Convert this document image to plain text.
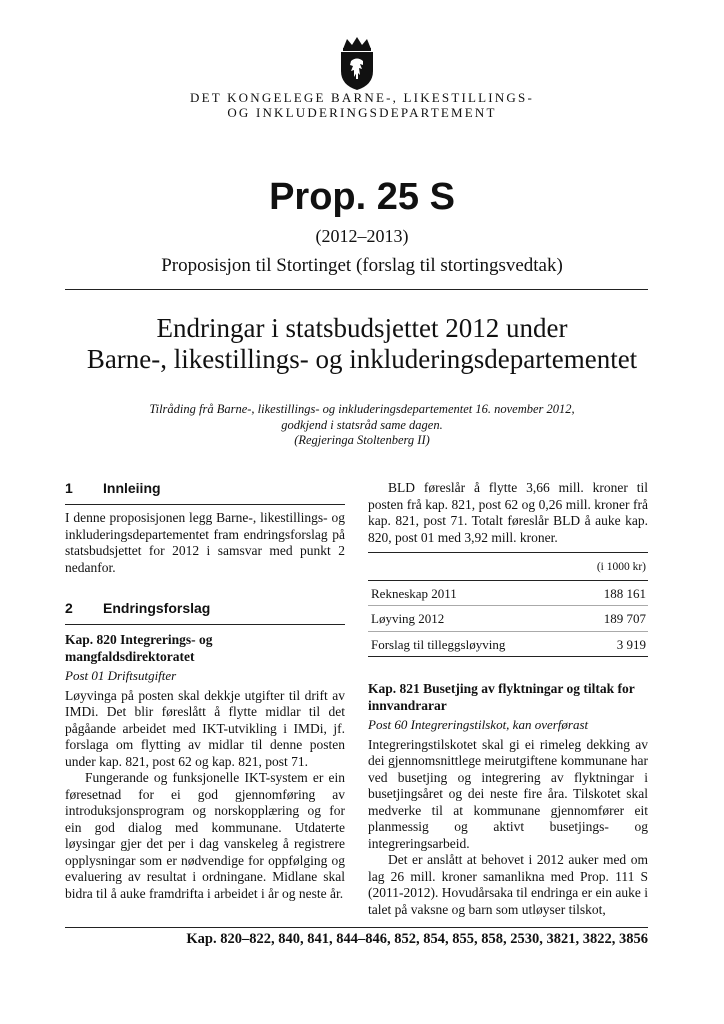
DET KONGELEGE BARNE-, LIKESTILLINGS-
OG INKLUDERINGSDEPARTEMENT
Prop. 25 S
(2012–2013)
Proposisjon til Stortinget (forslag til stortingsvedtak)
Endringar i statsbudsjettet 2012 under
Barne-, likestillings- og inkluderingsdepartementet
Tilråding frå Barne-, likestillings- og inkluderingsdepartementet 16. november 2012,
godkjend i statsråd same dagen.
(Regjeringa Stoltenberg II)
1 Innleiing

I denne proposisjonen legg Barne-, likestillings- og inkluderingsdepartementet fram endringsforslag på statsbudsjettet for 2012 i samsvar med punkt 2 nedanfor.

2 Endringsforslag

Kap. 820 Integrerings- og mangfaldsdirektoratet

Post 01 Driftsutgifter

Løyvinga på posten skal dekkje utgifter til drift av IMDi. Det blir føreslått å flytte midlar til det pågåande arbeidet med IKT-utvikling i IMDi, jf. forslaga om flytting av midlar til denne posten under kap. 821, post 62 og kap. 821, post 71.

Fungerande og funksjonelle IKT-system er ein føresetnad for ei god gjennomføring av introduksjonsprogram og norskopplæring og for ein god dialog med kommunane. Utdaterte løysingar gjer det per i dag vanskeleg å registrere opplysningar som er nødvendige for oppfølging og evaluering av resultat i ordningane. Midlane skal bidra til å auke framdrifta i arbeidet i år og neste år.

BLD føreslår å flytte 3,66 mill. kroner til posten frå kap. 821, post 62 og 0,26 mill. kroner frå kap. 821, post 71. Totalt føreslår BLD å auke kap. 820, post 01 med 3,92 mill. kroner.

(i 1000 kr)
Rekneskap 2011	188 161
Løyving 2012	189 707
Forslag til tilleggsløyving	3 919

Kap. 821 Busetjing av flyktningar og tiltak for innvandrarar

Post 60 Integreringstilskot, kan overførast

Integreringstilskotet skal gi ei rimeleg dekking av dei gjennomsnittlege meirutgiftene kommunane har ved busetjing og integrering av flyktningar i busetjingsåret og dei neste fire åra. Tilskotet skal medverke til at kommunane gjennomfører eit planmessig og aktivt busetjings- og integreringsarbeid.

Det er anslått at behovet i 2012 auker med om lag 26 mill. kroner samanlikna med Prop. 111 S (2011-2012). Hovudårsaka til endringa er ein auke i talet på vaksne og barn som utløyser tilskot,

Kap. 820–822, 840, 841, 844–846, 852, 854, 855, 858, 2530, 3821, 3822, 3856
